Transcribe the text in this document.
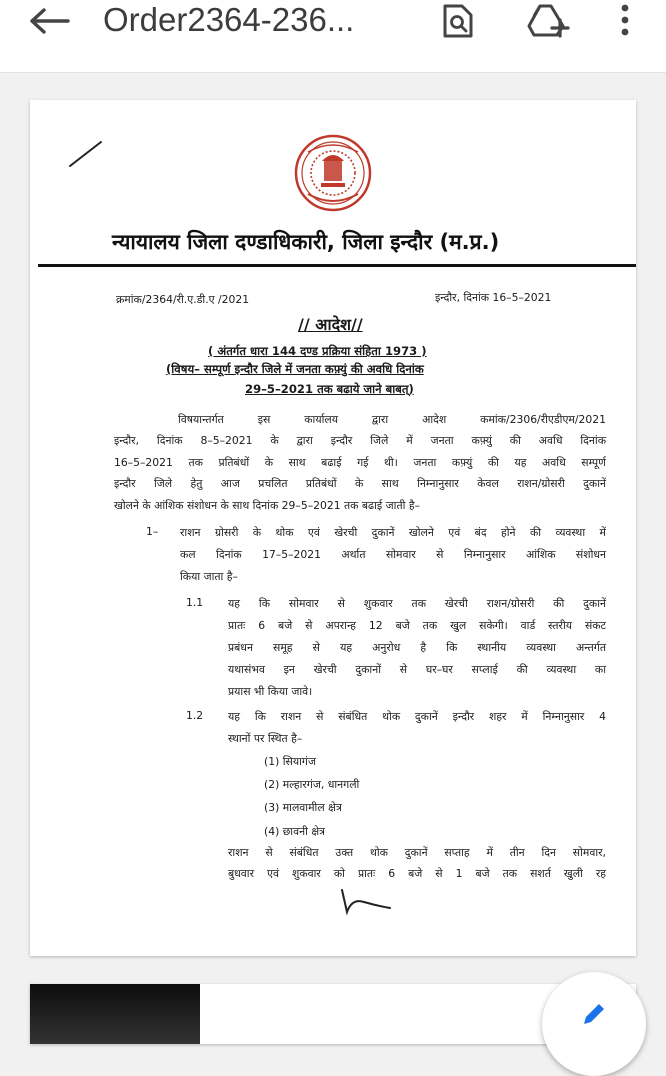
Order2364-236...
न्यायालय जिला दण्डाधिकारी, जिला इन्दौर (म.प्र.)
क्रमांक/2364/री.ए.डी.ए /2021	इन्दौर, दिनांक 16–5–2021
// आदेश//
( अंतर्गत धारा 144 दण्ड प्रक्रिया संहिता 1973 )
(विषय– सम्पूर्ण इन्दौर जिले में जनता कफ़्युं की अवधि दिनांक
29–5–2021 तक बढाये जाने बाबत्)
विषयान्तर्गत इस कार्यालय द्वारा आदेश कमांक/2306/रीएडीएम/2021
इन्दौर, दिनांक 8–5–2021 के द्वारा इन्दौर जिले में जनता कफ़्युं की अवधि दिनांक
16–5–2021 तक प्रतिबंधों के साथ बढाई गई थी। जनता कफ़्युं की यह अवधि सम्पूर्ण
इन्दौर जिले हेतु आज प्रचलित प्रतिबंधों के साथ निम्नानुसार केवल राशन/ग्रोसरी दुकानें
खोलने के आंशिक संशोधन के साथ दिनांक 29–5–2021 तक बढाई जाती है–
1– राशन ग्रोसरी के थोक एवं खेरची दुकानें खोलने एवं बंद होने की व्यवस्था में
कल दिनांक 17–5–2021 अर्थात सोमवार से निम्नानुसार आंशिक संशोधन
किया जाता है–
1.1 यह कि सोमवार से शुकवार तक खेरची राशन/ग्रोसरी की दुकानें
प्रातः 6 बजे से अपरान्ह 12 बजे तक खुल सकेगी। वार्ड स्तरीय संकट
प्रबंधन समूह से यह अनुरोध है कि स्थानीय व्यवस्था अन्तर्गत
यथासंभव इन खेरची दुकानों से घर–घर सप्लाई की व्यवस्था का
प्रयास भी किया जावे।
1.2 यह कि राशन से संबंधित थोक दुकानें इन्दौर शहर में निम्नानुसार 4
स्थानों पर स्थित है–
(1) सियागंज
(2) मल्हारगंज, धानगली
(3) मालवामील क्षेत्र
(4) छावनी क्षेत्र
राशन से संबंधित उक्त थोक दुकानें सप्ताह में तीन दिन सोमवार,
बुधवार एवं शुकवार को प्रातः 6 बजे से 1 बजे तक सशर्त खुली रह
